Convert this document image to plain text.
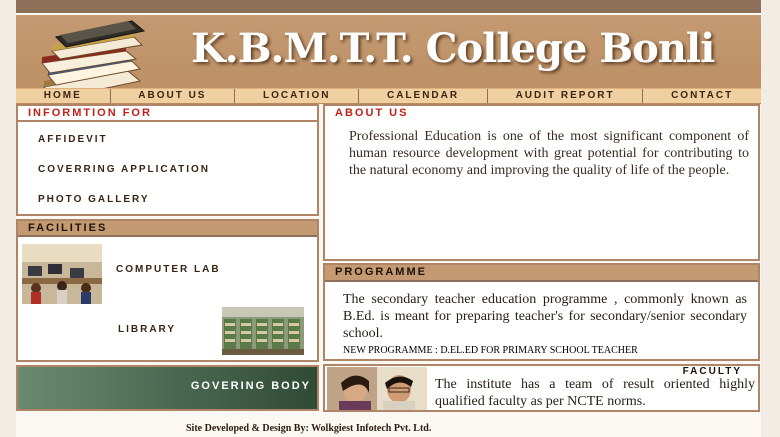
K.B.M.T.T. College Bonli
HOME	ABOUT US	LOCATION	CALENDAR	AUDIT REPORT	CONTACT
INFORMTION FOR
AFFIDEVIT
COVERRING APPLICATION
PHOTO GALLERY
FACILITIES
COMPUTER LAB
LIBRARY
GOVERING BODY
ABOUT US
Professional Education is one of the most significant component of human resource development with great potential for contributing to the natural economy and improving the quality of life of the people.
PROGRAMME
The secondary teacher education programme , commonly known as B.Ed. is meant for preparing teacher's for secondary/senior secondary school.
NEW PROGRAMME : D.EL.ED FOR PRIMARY SCHOOL TEACHER
FACULTY
The institute has a team of result oriented highly qualified faculty as per NCTE norms.
Site Developed & Design By: Wolkgiest Infotech Pvt. Ltd.
